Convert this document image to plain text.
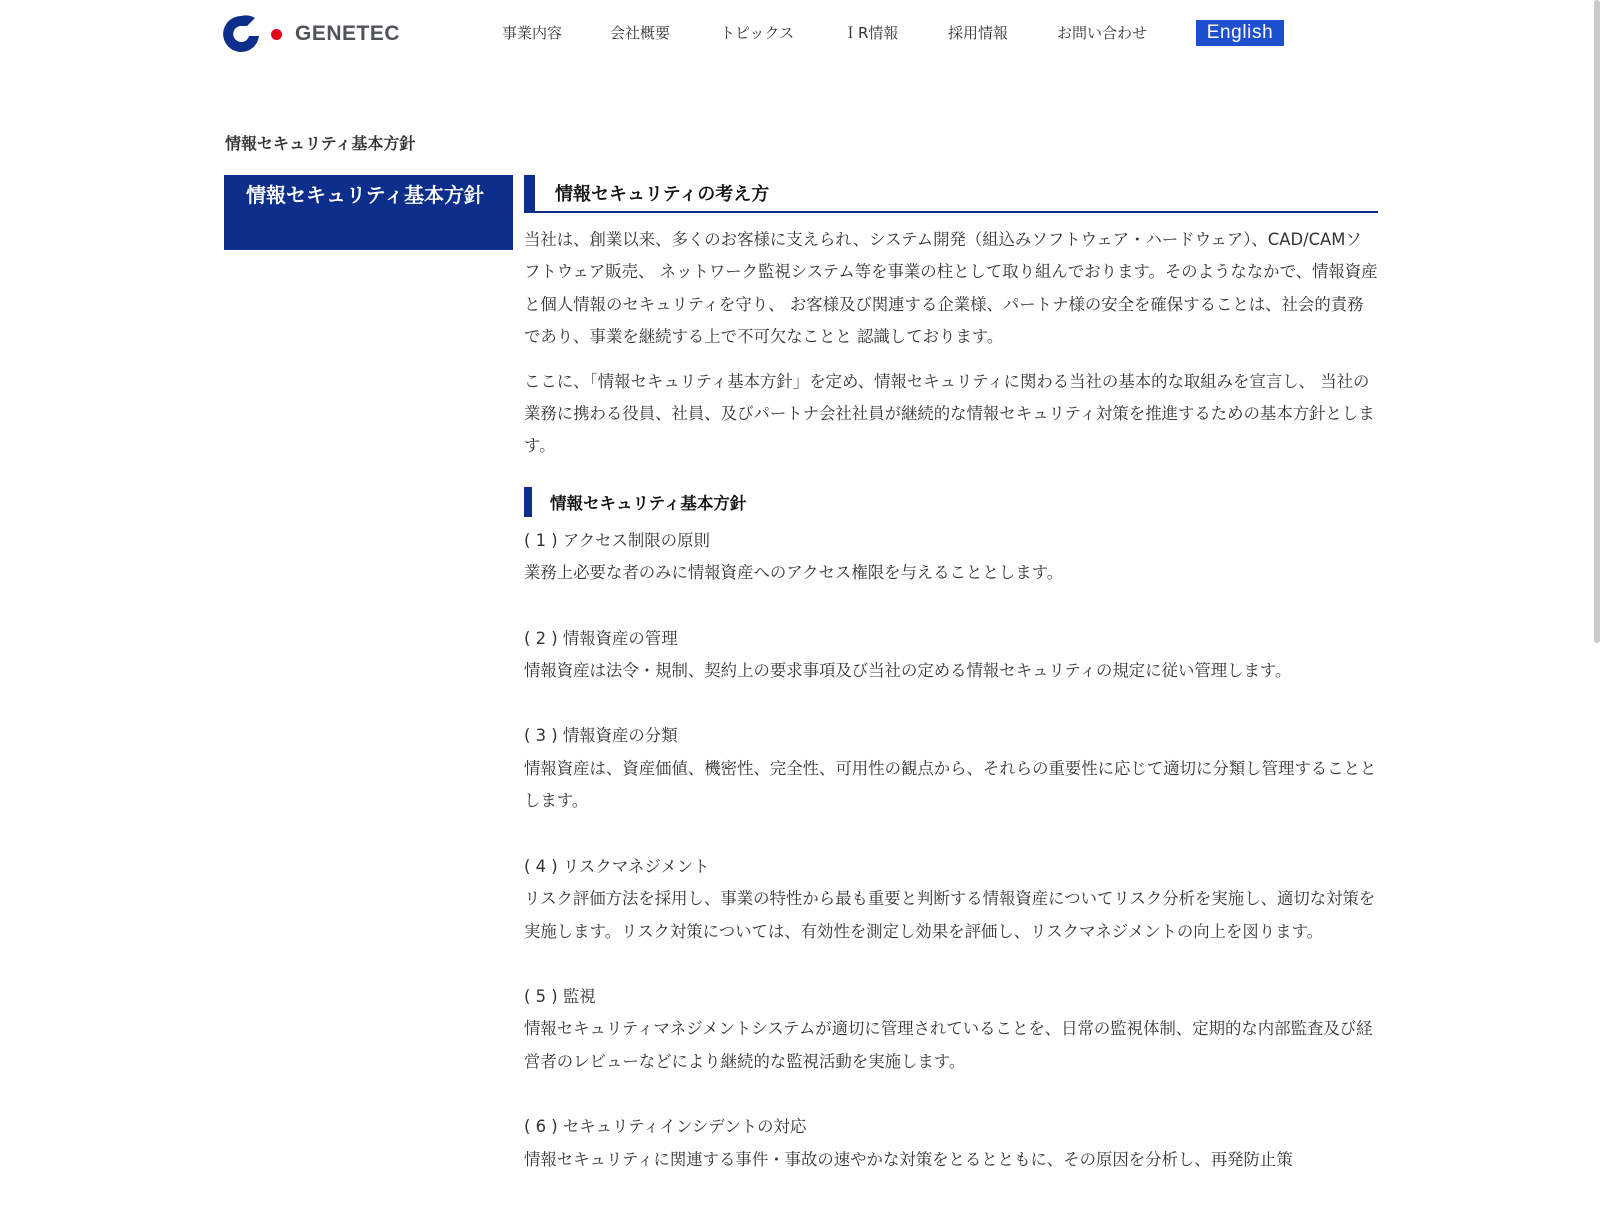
GENETEC	事業内容	会社概要	トピックス	ＩR情報	採用情報	お問い合わせ	English
情報セキュリティ基本方針
情報セキュリティ基本方針	情報セキュリティの考え方

当社は、創業以来、多くのお客様に支えられ、システム開発（組込みソフトウェア・ハードウェア）、CAD/CAMソフトウェア販売、 ネットワーク監視システム等を事業の柱として取り組んでおります。そのようななかで、情報資産と個人情報のセキュリティを守り、 お客様及び関連する企業様、パートナ様の安全を確保することは、社会的責務であり、事業を継続する上で不可欠なことと 認識しております。

ここに、「情報セキュリティ基本方針」を定め、情報セキュリティに関わる当社の基本的な取組みを宣言し、 当社の業務に携わる役員、社員、及びパートナ会社社員が継続的な情報セキュリティ対策を推進するための基本方針とします。

情報セキュリティ基本方針
( 1 ) アクセス制限の原則
業務上必要な者のみに情報資産へのアクセス権限を与えることとします。
( 2 ) 情報資産の管理
情報資産は法令・規制、契約上の要求事項及び当社の定める情報セキュリティの規定に従い管理します。
( 3 ) 情報資産の分類
情報資産は、資産価値、機密性、完全性、可用性の観点から、それらの重要性に応じて適切に分類し管理することとします。
( 4 ) リスクマネジメント
リスク評価方法を採用し、事業の特性から最も重要と判断する情報資産についてリスク分析を実施し、適切な対策を実施します。リスク対策については、有効性を測定し効果を評価し、リスクマネジメントの向上を図ります。
( 5 ) 監視
情報セキュリティマネジメントシステムが適切に管理されていることを、日常の監視体制、定期的な内部監査及び経営者のレビューなどにより継続的な監視活動を実施します。
( 6 ) セキュリティインシデントの対応
情報セキュリティに関連する事件・事故の速やかな対策をとるとともに、その原因を分析し、再発防止策
